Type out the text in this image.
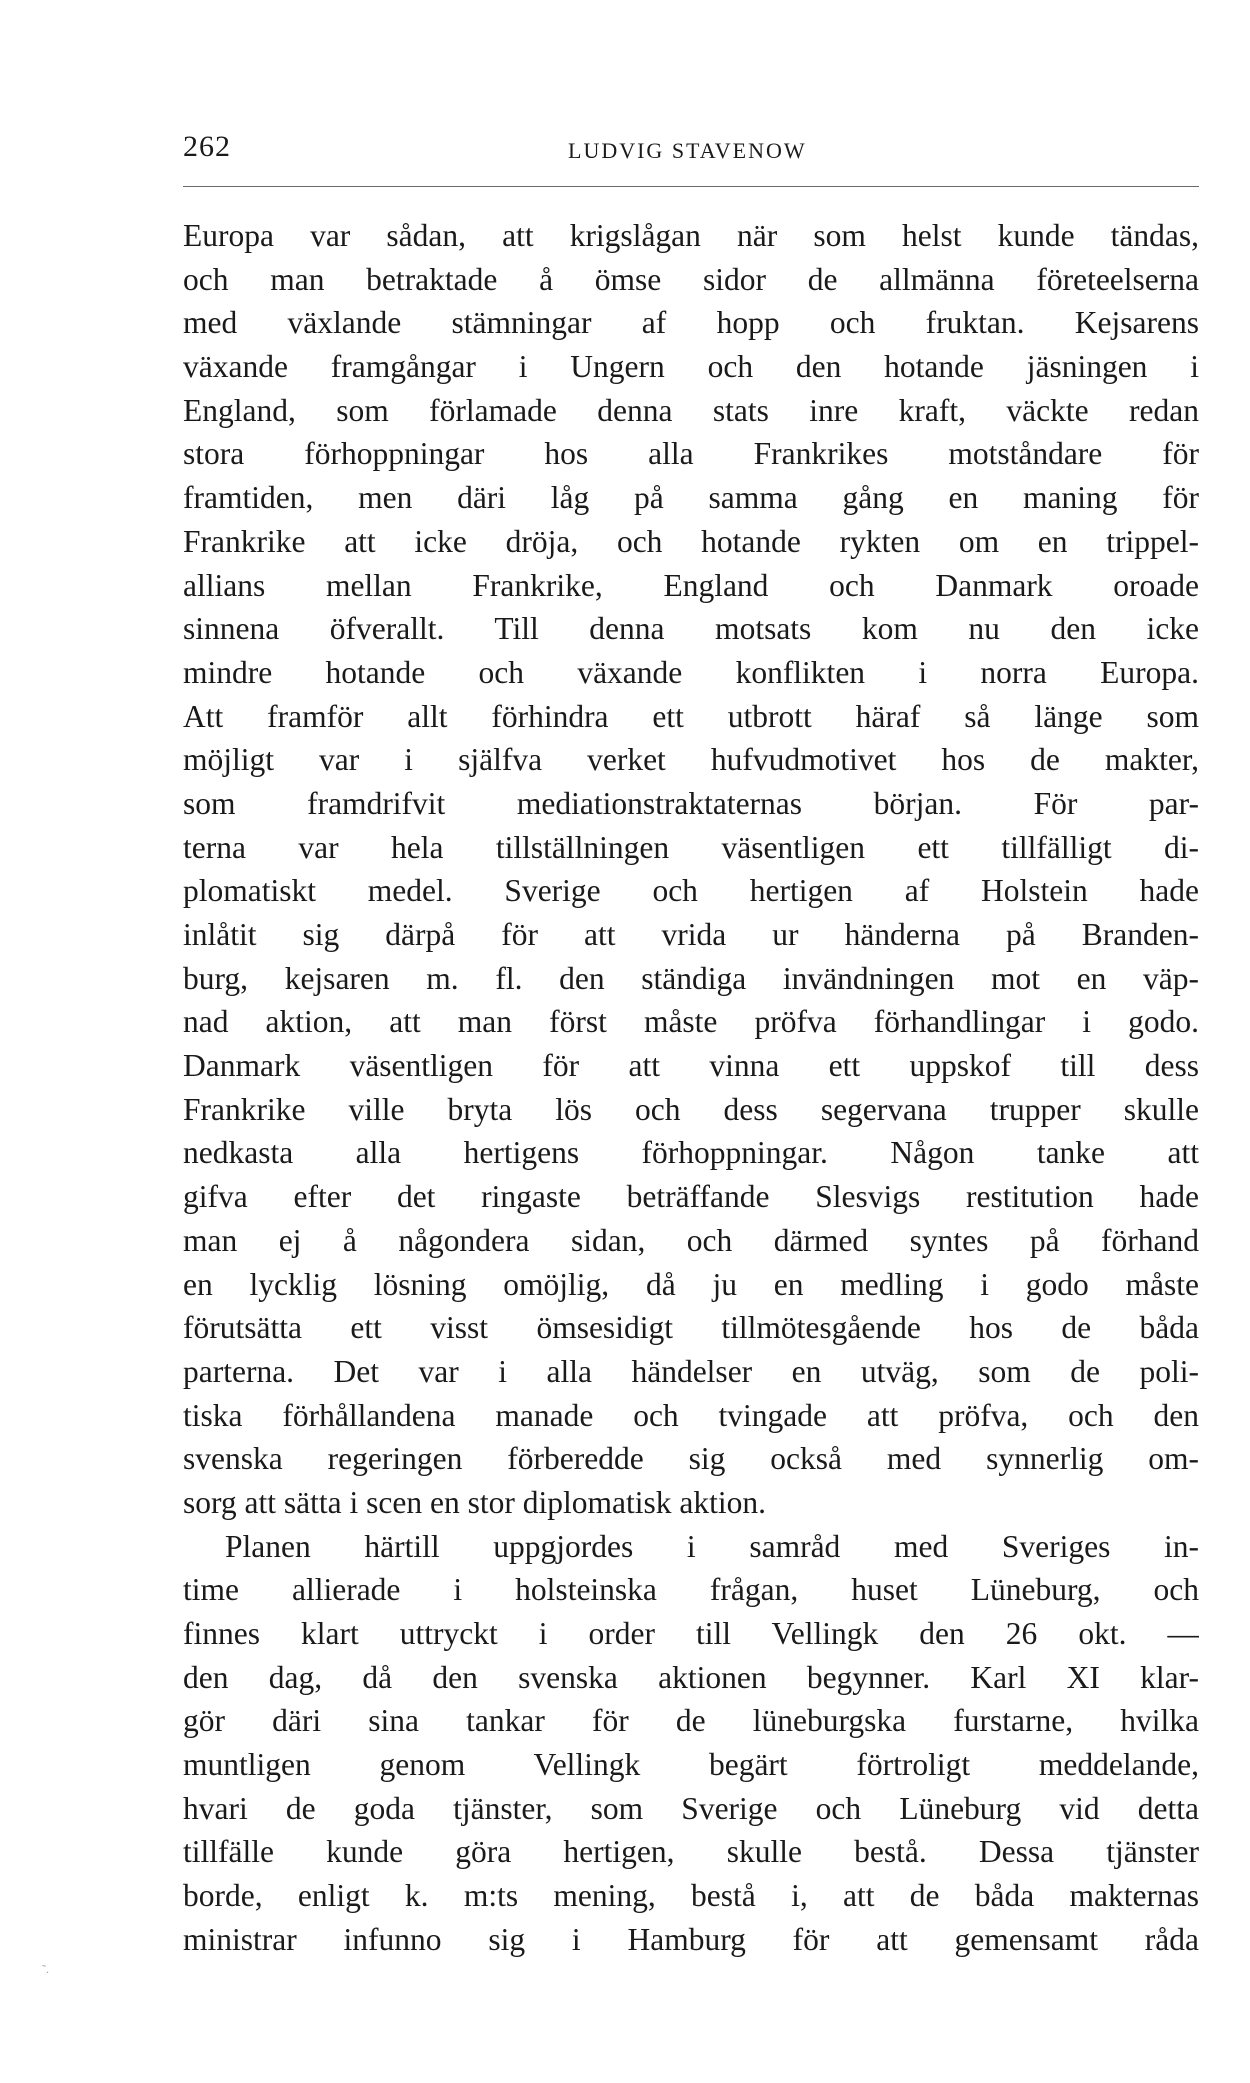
262	LUDVIG STAVENOW
Europa var sådan, att krigslågan när som helst kunde tändas,
och man betraktade å ömse sidor de allmänna företeelserna
med växlande stämningar af hopp och fruktan. Kejsarens
växande framgångar i Ungern och den hotande jäsningen i
England, som förlamade denna stats inre kraft, väckte redan
stora förhoppningar hos alla Frankrikes motståndare för
framtiden, men däri låg på samma gång en maning för
Frankrike att icke dröja, och hotande rykten om en trippel-
allians mellan Frankrike, England och Danmark oroade
sinnena öfverallt. Till denna motsats kom nu den icke
mindre hotande och växande konflikten i norra Europa.
Att framför allt förhindra ett utbrott häraf så länge som
möjligt var i själfva verket hufvudmotivet hos de makter,
som framdrifvit mediationstraktaternas början. För par-
terna var hela tillställningen väsentligen ett tillfälligt di-
plomatiskt medel. Sverige och hertigen af Holstein hade
inlåtit sig därpå för att vrida ur händerna på Branden-
burg, kejsaren m. fl. den ständiga invändningen mot en väp-
nad aktion, att man först måste pröfva förhandlingar i godo.
Danmark väsentligen för att vinna ett uppskof till dess
Frankrike ville bryta lös och dess segervana trupper skulle
nedkasta alla hertigens förhoppningar. Någon tanke att
gifva efter det ringaste beträffande Slesvigs restitution hade
man ej å någondera sidan, och därmed syntes på förhand
en lycklig lösning omöjlig, då ju en medling i godo måste
förutsätta ett visst ömsesidigt tillmötesgående hos de båda
parterna. Det var i alla händelser en utväg, som de poli-
tiska förhållandena manade och tvingade att pröfva, och den
svenska regeringen förberedde sig också med synnerlig om-
sorg att sätta i scen en stor diplomatisk aktion.
Planen härtill uppgjordes i samråd med Sveriges in-
time allierade i holsteinska frågan, huset Lüneburg, och
finnes klart uttryckt i order till Vellingk den 26 okt. —
den dag, då den svenska aktionen begynner. Karl XI klar-
gör däri sina tankar för de lüneburgska furstarne, hvilka
muntligen genom Vellingk begärt förtroligt meddelande,
hvari de goda tjänster, som Sverige och Lüneburg vid detta
tillfälle kunde göra hertigen, skulle bestå. Dessa tjänster
borde, enligt k. m:ts mening, bestå i, att de båda makternas
ministrar infunno sig i Hamburg för att gemensamt råda
˜.
